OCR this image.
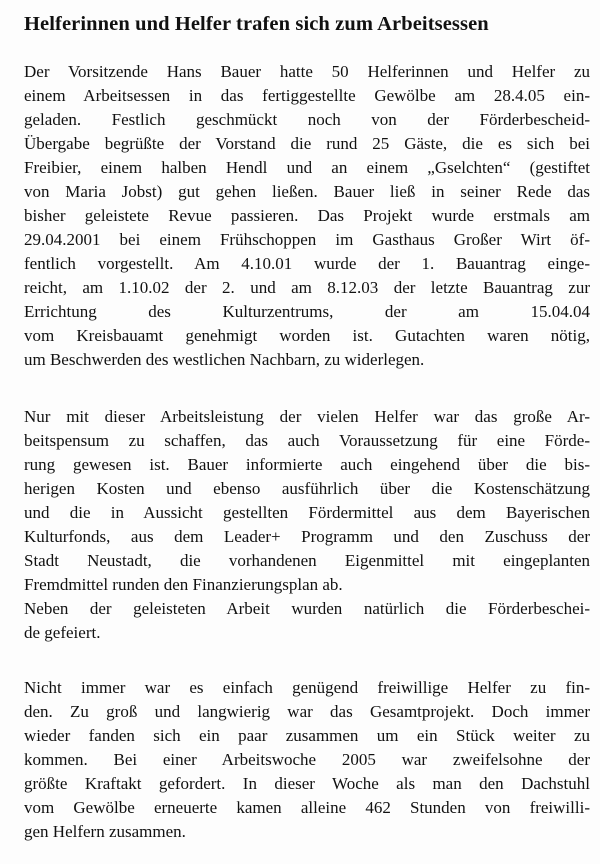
Helferinnen und Helfer trafen sich zum Arbeitsessen
Der Vorsitzende Hans Bauer hatte 50 Helferinnen und Helfer zu
einem Arbeitsessen in das fertiggestellte Gewölbe am 28.4.05 ein-
geladen. Festlich geschmückt noch von der Förderbescheid-
Übergabe begrüßte der Vorstand die rund 25 Gäste, die es sich bei
Freibier, einem halben Hendl und an einem „Gselchten“ (gestiftet
von Maria Jobst) gut gehen ließen. Bauer ließ in seiner Rede das
bisher geleistete Revue passieren. Das Projekt wurde erstmals am
29.04.2001 bei einem Frühschoppen im Gasthaus Großer Wirt öf-
fentlich vorgestellt. Am 4.10.01 wurde der 1. Bauantrag einge-
reicht, am 1.10.02 der 2. und am 8.12.03 der letzte Bauantrag zur
Errichtung des Kulturzentrums, der am 15.04.04
vom Kreisbauamt genehmigt worden ist. Gutachten waren nötig,
um Beschwerden des westlichen Nachbarn, zu widerlegen.
Nur mit dieser Arbeitsleistung der vielen Helfer war das große Ar-
beitspensum zu schaffen, das auch Voraussetzung für eine Förde-
rung gewesen ist. Bauer informierte auch eingehend über die bis-
herigen Kosten und ebenso ausführlich über die Kostenschätzung
und die in Aussicht gestellten Fördermittel aus dem Bayerischen
Kulturfonds, aus dem Leader+ Programm und den Zuschuss der
Stadt Neustadt, die vorhandenen Eigenmittel mit eingeplanten
Fremdmittel runden den Finanzierungsplan ab.
Neben der geleisteten Arbeit wurden natürlich die Förderbeschei-
de gefeiert.
Nicht immer war es einfach genügend freiwillige Helfer zu fin-
den. Zu groß und langwierig war das Gesamtprojekt. Doch immer
wieder fanden sich ein paar zusammen um ein Stück weiter zu
kommen. Bei einer Arbeitswoche 2005 war zweifelsohne der
größte Kraftakt gefordert. In dieser Woche als man den Dachstuhl
vom Gewölbe erneuerte kamen alleine 462 Stunden von freiwilli-
gen Helfern zusammen.
